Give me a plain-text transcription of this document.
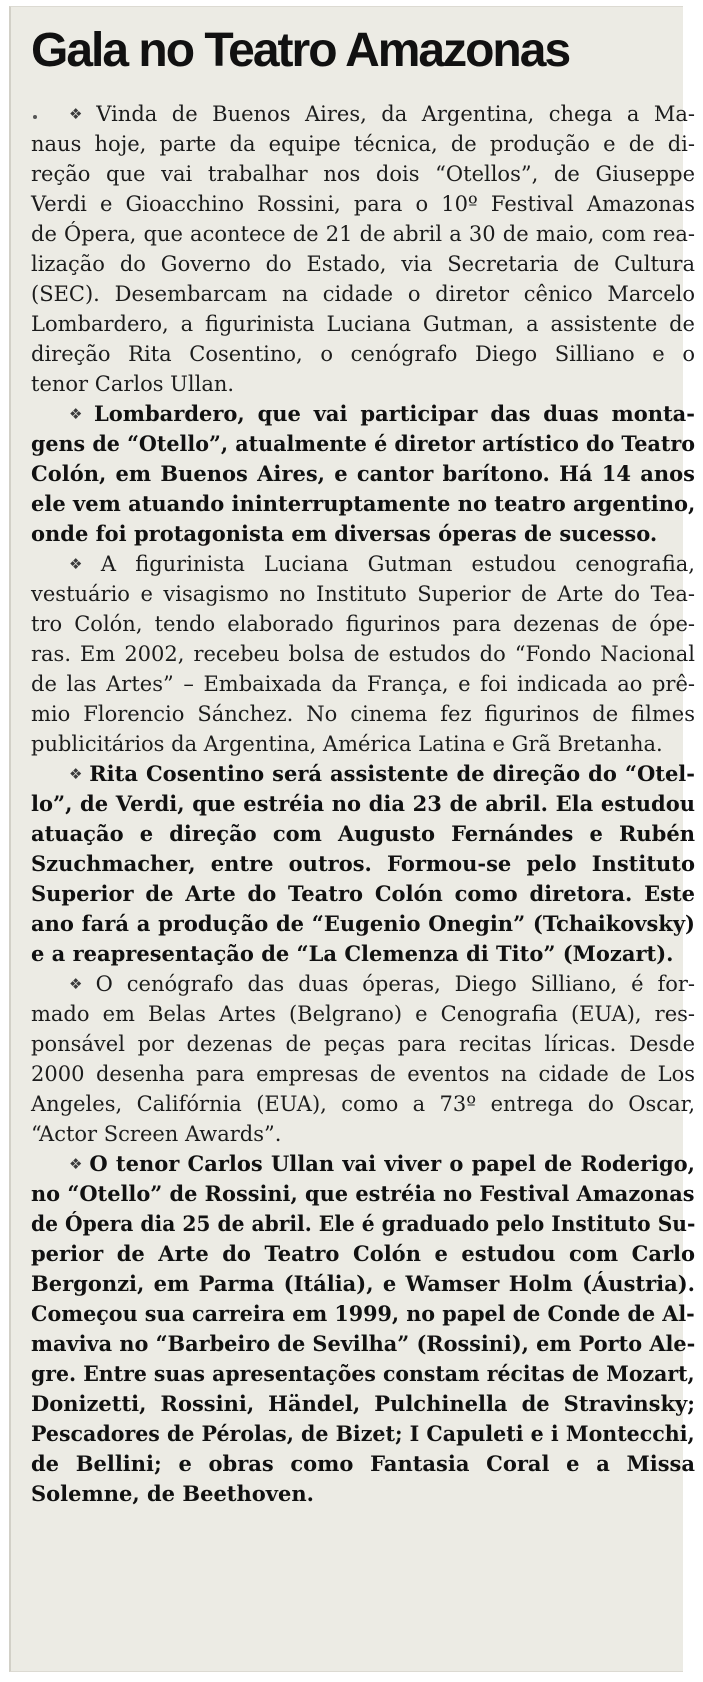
Gala no Teatro Amazonas
❖ Vinda de Buenos Aires, da Argentina, chega a Ma-
naus hoje, parte da equipe técnica, de produção e de di-
reção que vai trabalhar nos dois “Otellos”, de Giuseppe
Verdi e Gioacchino Rossini, para o 10º Festival Amazonas
de Ópera, que acontece de 21 de abril a 30 de maio, com rea-
lização do Governo do Estado, via Secretaria de Cultura
(SEC). Desembarcam na cidade o diretor cênico Marcelo
Lombardero, a figurinista Luciana Gutman, a assistente de
direção Rita Cosentino, o cenógrafo Diego Silliano e o
tenor Carlos Ullan.
❖ Lombardero, que vai participar das duas monta-
gens de “Otello”, atualmente é diretor artístico do Teatro
Colón, em Buenos Aires, e cantor barítono. Há 14 anos
ele vem atuando ininterruptamente no teatro argentino,
onde foi protagonista em diversas óperas de sucesso.
❖ A figurinista Luciana Gutman estudou cenografia,
vestuário e visagismo no Instituto Superior de Arte do Tea-
tro Colón, tendo elaborado figurinos para dezenas de ópe-
ras. Em 2002, recebeu bolsa de estudos do “Fondo Nacional
de las Artes” – Embaixada da França, e foi indicada ao prê-
mio Florencio Sánchez. No cinema fez figurinos de filmes
publicitários da Argentina, América Latina e Grã Bretanha.
❖ Rita Cosentino será assistente de direção do “Otel-
lo”, de Verdi, que estréia no dia 23 de abril. Ela estudou
atuação e direção com Augusto Fernándes e Rubén
Szuchmacher, entre outros. Formou-se pelo Instituto
Superior de Arte do Teatro Colón como diretora. Este
ano fará a produção de “Eugenio Onegin” (Tchaikovsky)
e a reapresentação de “La Clemenza di Tito” (Mozart).
❖ O cenógrafo das duas óperas, Diego Silliano, é for-
mado em Belas Artes (Belgrano) e Cenografia (EUA), res-
ponsável por dezenas de peças para recitas líricas. Desde
2000 desenha para empresas de eventos na cidade de Los
Angeles, Califórnia (EUA), como a 73º entrega do Oscar,
“Actor Screen Awards”.
❖ O tenor Carlos Ullan vai viver o papel de Roderigo,
no “Otello” de Rossini, que estréia no Festival Amazonas
de Ópera dia 25 de abril. Ele é graduado pelo Instituto Su-
perior de Arte do Teatro Colón e estudou com Carlo
Bergonzi, em Parma (Itália), e Wamser Holm (Áustria).
Começou sua carreira em 1999, no papel de Conde de Al-
maviva no “Barbeiro de Sevilha” (Rossini), em Porto Ale-
gre. Entre suas apresentações constam récitas de Mozart,
Donizetti, Rossini, Händel, Pulchinella de Stravinsky;
Pescadores de Pérolas, de Bizet; I Capuleti e i Montecchi,
de Bellini; e obras como Fantasia Coral e a Missa
Solemne, de Beethoven.
